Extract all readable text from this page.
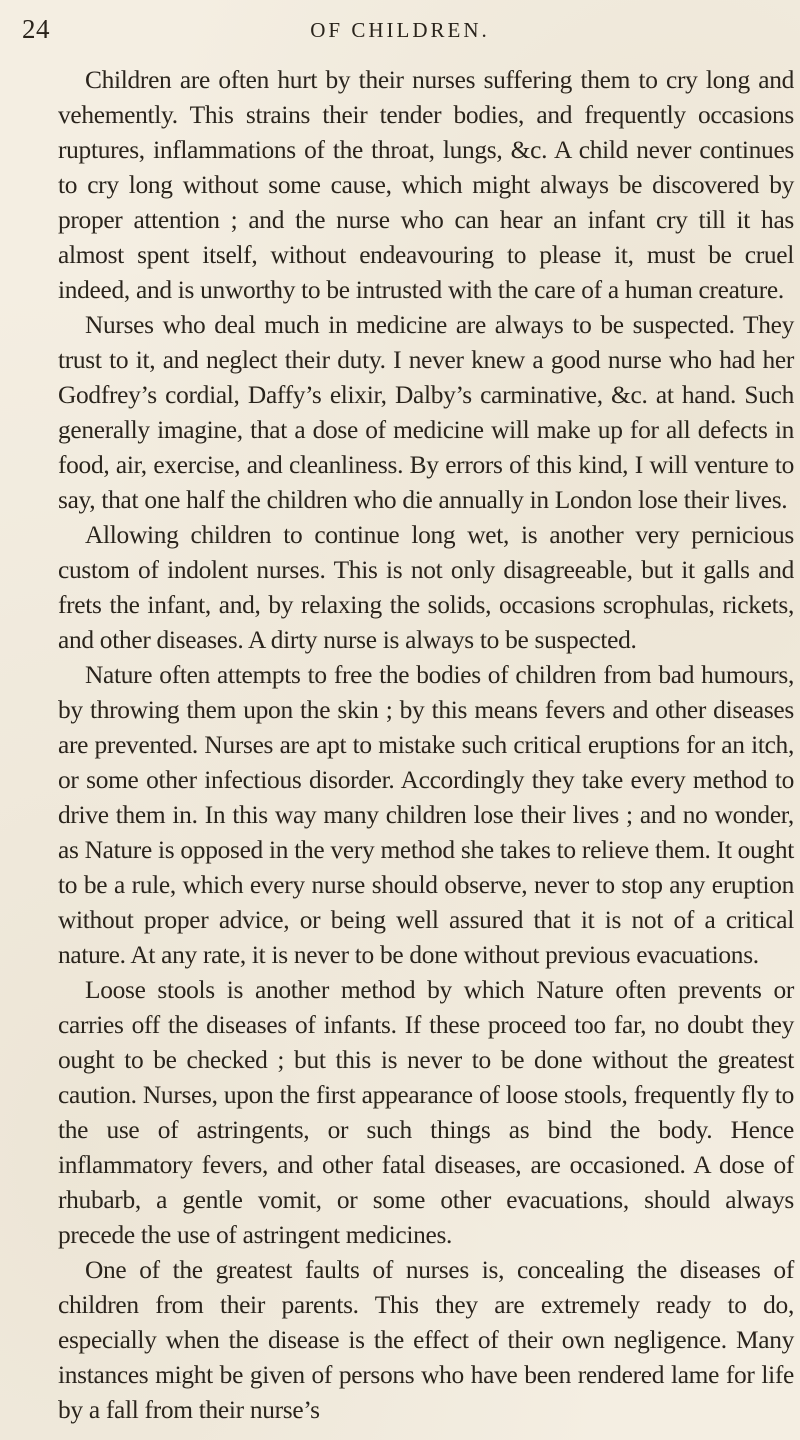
24	OF CHILDREN.

Children are often hurt by their nurses suffering them to cry long and vehemently. This strains their tender bodies, and frequently occasions ruptures, inflammations of the throat, lungs, &c. A child never continues to cry long without some cause, which might always be discovered by proper attention ; and the nurse who can hear an infant cry till it has almost spent itself, without endeavouring to please it, must be cruel indeed, and is unworthy to be intrusted with the care of a human creature.

Nurses who deal much in medicine are always to be suspected. They trust to it, and neglect their duty. I never knew a good nurse who had her Godfrey’s cordial, Daffy’s elixir, Dalby’s carminative, &c. at hand. Such generally imagine, that a dose of medicine will make up for all defects in food, air, exercise, and cleanliness. By errors of this kind, I will venture to say, that one half the children who die annually in London lose their lives.

Allowing children to continue long wet, is another very pernicious custom of indolent nurses. This is not only disagreeable, but it galls and frets the infant, and, by relaxing the solids, occasions scrophulas, rickets, and other diseases. A dirty nurse is always to be suspected.

Nature often attempts to free the bodies of children from bad humours, by throwing them upon the skin ; by this means fevers and other diseases are prevented. Nurses are apt to mistake such critical eruptions for an itch, or some other infectious disorder. Accordingly they take every method to drive them in. In this way many children lose their lives ; and no wonder, as Nature is opposed in the very method she takes to relieve them. It ought to be a rule, which every nurse should observe, never to stop any eruption without proper advice, or being well assured that it is not of a critical nature. At any rate, it is never to be done without previous evacuations.

Loose stools is another method by which Nature often prevents or carries off the diseases of infants. If these proceed too far, no doubt they ought to be checked ; but this is never to be done without the greatest caution. Nurses, upon the first appearance of loose stools, frequently fly to the use of astringents, or such things as bind the body. Hence inflammatory fevers, and other fatal diseases, are occasioned. A dose of rhubarb, a gentle vomit, or some other evacuations, should always precede the use of astringent medicines.

One of the greatest faults of nurses is, concealing the diseases of children from their parents. This they are extremely ready to do, especially when the disease is the effect of their own negligence. Many instances might be given of persons who have been rendered lame for life by a fall from their nurse’s
